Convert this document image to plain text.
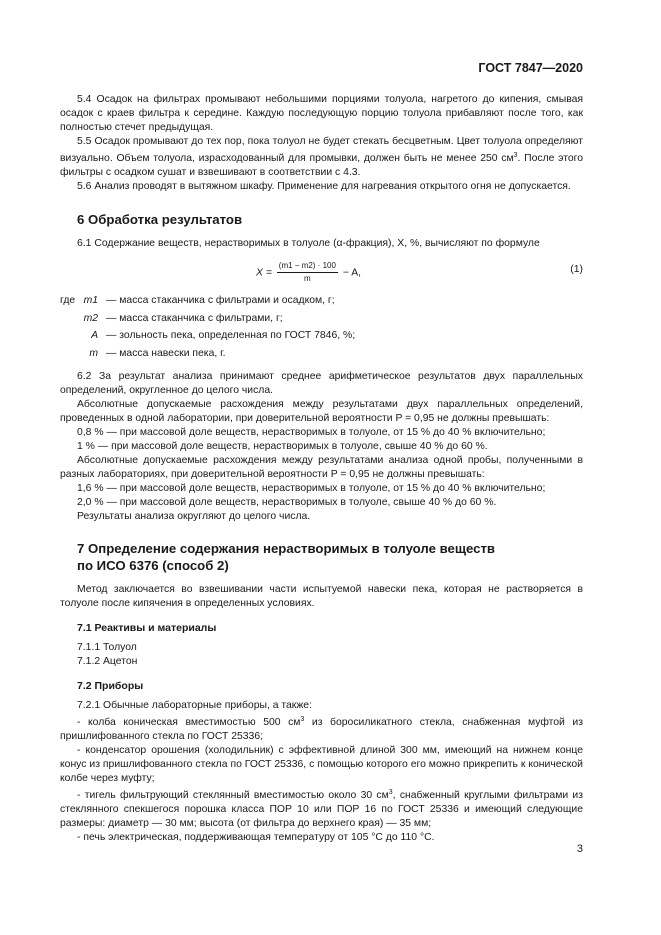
ГОСТ 7847—2020

5.4 Осадок на фильтрах промывают небольшими порциями толуола, нагретого до кипения, смывая осадок с краев фильтра к середине. Каждую последующую порцию толуола прибавляют после того, как полностью стечет предыдущая.

5.5 Осадок промывают до тех пор, пока толуол не будет стекать бесцветным. Цвет толуола определяют визуально. Объем толуола, израсходованный для промывки, должен быть не менее 250 $см^3$. После этого фильтры с осадком сушат и взвешивают в соответствии с 4.3.

5.6 Анализ проводят в вытяжном шкафу. Применение для нагревания открытого огня не допускается.

6 Обработка результатов

6.1 Содержание веществ, нерастворимых в толуоле (α-фракция), X, %, вычисляют по формуле

$X = \frac{(m1 - m2) \cdot 100}{m} - A$,	(1)
где m1 — масса стаканчика с фильтрами и осадком, г;
m2 — масса стаканчика с фильтрами, г;
A — зольность пека, определенная по ГОСТ 7846, %;
m — масса навески пека, г.

6.2 За результат анализа принимают среднее арифметическое результатов двух параллельных определений, округленное до целого числа.

Абсолютные допускаемые расхождения между результатами двух параллельных определений, проведенных в одной лаборатории, при доверительной вероятности P = 0,95 не должны превышать:

0,8 % — при массовой доле веществ, нерастворимых в толуоле, от 15 % до 40 % включительно;

1 % — при массовой доле веществ, нерастворимых в толуоле, свыше 40 % до 60 %.

Абсолютные допускаемые расхождения между результатами анализа одной пробы, полученными в разных лабораториях, при доверительной вероятности P = 0,95 не должны превышать:

1,6 % — при массовой доле веществ, нерастворимых в толуоле, от 15 % до 40 % включительно;

2,0 % — при массовой доле веществ, нерастворимых в толуоле, свыше 40 % до 60 %.

Результаты анализа округляют до целого числа.

7 Определение содержания нерастворимых в толуоле веществ
по ИСО 6376 (способ 2)

Метод заключается во взвешивании части испытуемой навески пека, которая не растворяется в толуоле после кипячения в определенных условиях.

7.1 Реактивы и материалы

7.1.1 Толуол

7.1.2 Ацетон

7.2 Приборы

7.2.1 Обычные лабораторные приборы, а также:

- колба коническая вместимостью 500 $см^3$ из боросиликатного стекла, снабженная муфтой из пришлифованного стекла по ГОСТ 25336;

- конденсатор орошения (холодильник) с эффективной длиной 300 мм, имеющий на нижнем конце конус из пришлифованного стекла по ГОСТ 25336, с помощью которого его можно прикрепить к конической колбе через муфту;

- тигель фильтрующий стеклянный вместимостью около 30 $см^3$, снабженный круглыми фильтрами из стеклянного спекшегося порошка класса ПОР 10 или ПОР 16 по ГОСТ 25336 и имеющий следующие размеры: диаметр — 30 мм; высота (от фильтра до верхнего края) — 35 мм;

- печь электрическая, поддерживающая температуру от 105 °С до 110 °С.

3
